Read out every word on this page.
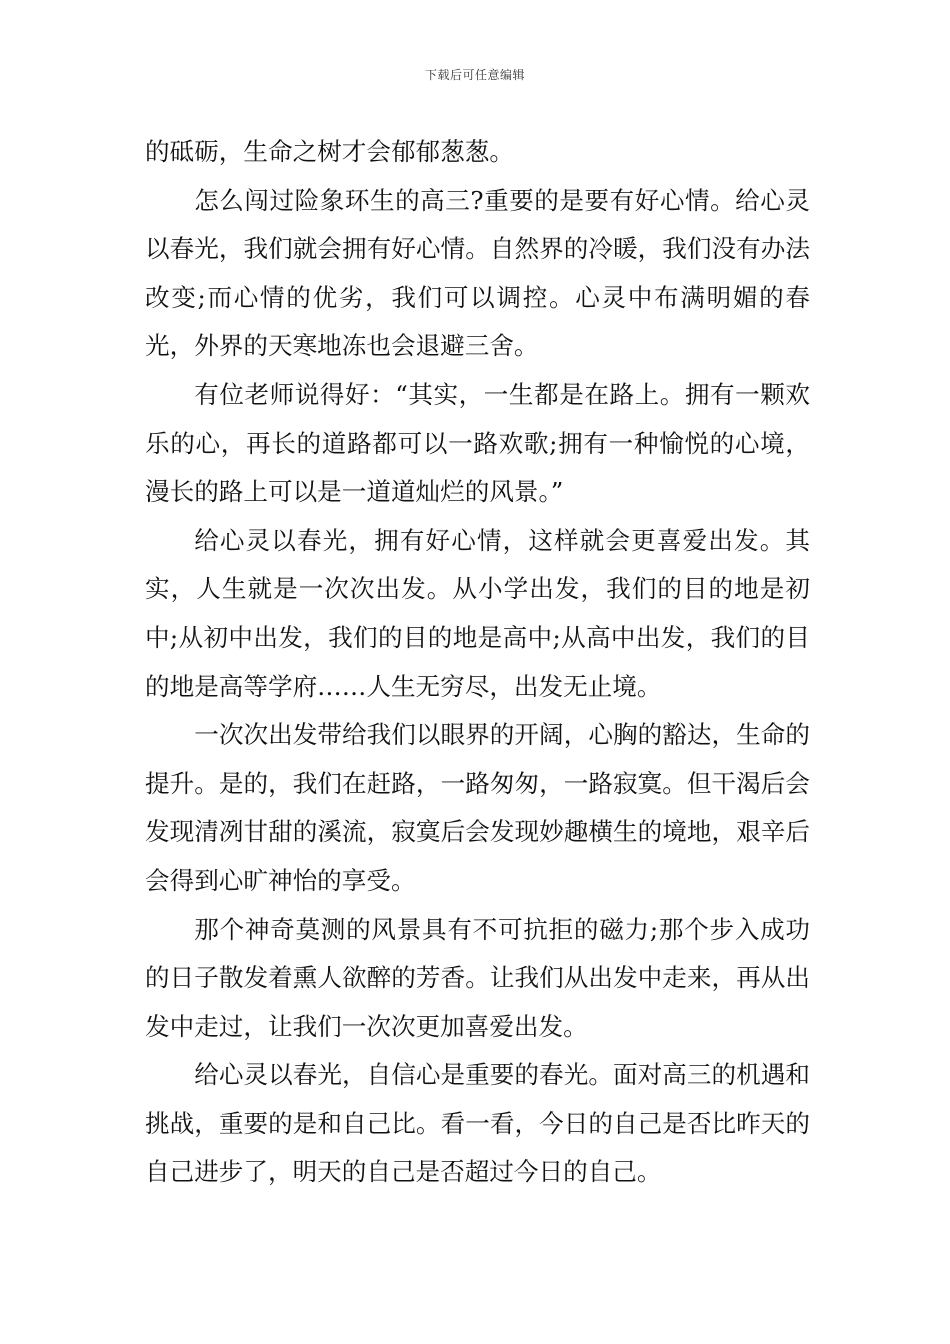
下载后可任意编辑

的砥砺，生命之树才会郁郁葱葱。

怎么闯过险象环生的高三?重要的是要有好心情。给心灵以春光，我们就会拥有好心情。自然界的冷暖，我们没有办法改变;而心情的优劣，我们可以调控。心灵中布满明媚的春光，外界的天寒地冻也会退避三舍。

有位老师说得好：“其实，一生都是在路上。拥有一颗欢乐的心，再长的道路都可以一路欢歌;拥有一种愉悦的心境，漫长的路上可以是一道道灿烂的风景。”

给心灵以春光，拥有好心情，这样就会更喜爱出发。其实，人生就是一次次出发。从小学出发，我们的目的地是初中;从初中出发，我们的目的地是高中;从高中出发，我们的目的地是高等学府……人生无穷尽，出发无止境。

一次次出发带给我们以眼界的开阔，心胸的豁达，生命的提升。是的，我们在赶路，一路匆匆，一路寂寞。但干渴后会发现清冽甘甜的溪流，寂寞后会发现妙趣横生的境地，艰辛后会得到心旷神怡的享受。

那个神奇莫测的风景具有不可抗拒的磁力;那个步入成功的日子散发着熏人欲醉的芳香。让我们从出发中走来，再从出发中走过，让我们一次次更加喜爱出发。

给心灵以春光，自信心是重要的春光。面对高三的机遇和挑战，重要的是和自己比。看一看，今日的自己是否比昨天的自己进步了，明天的自己是否超过今日的自己。
